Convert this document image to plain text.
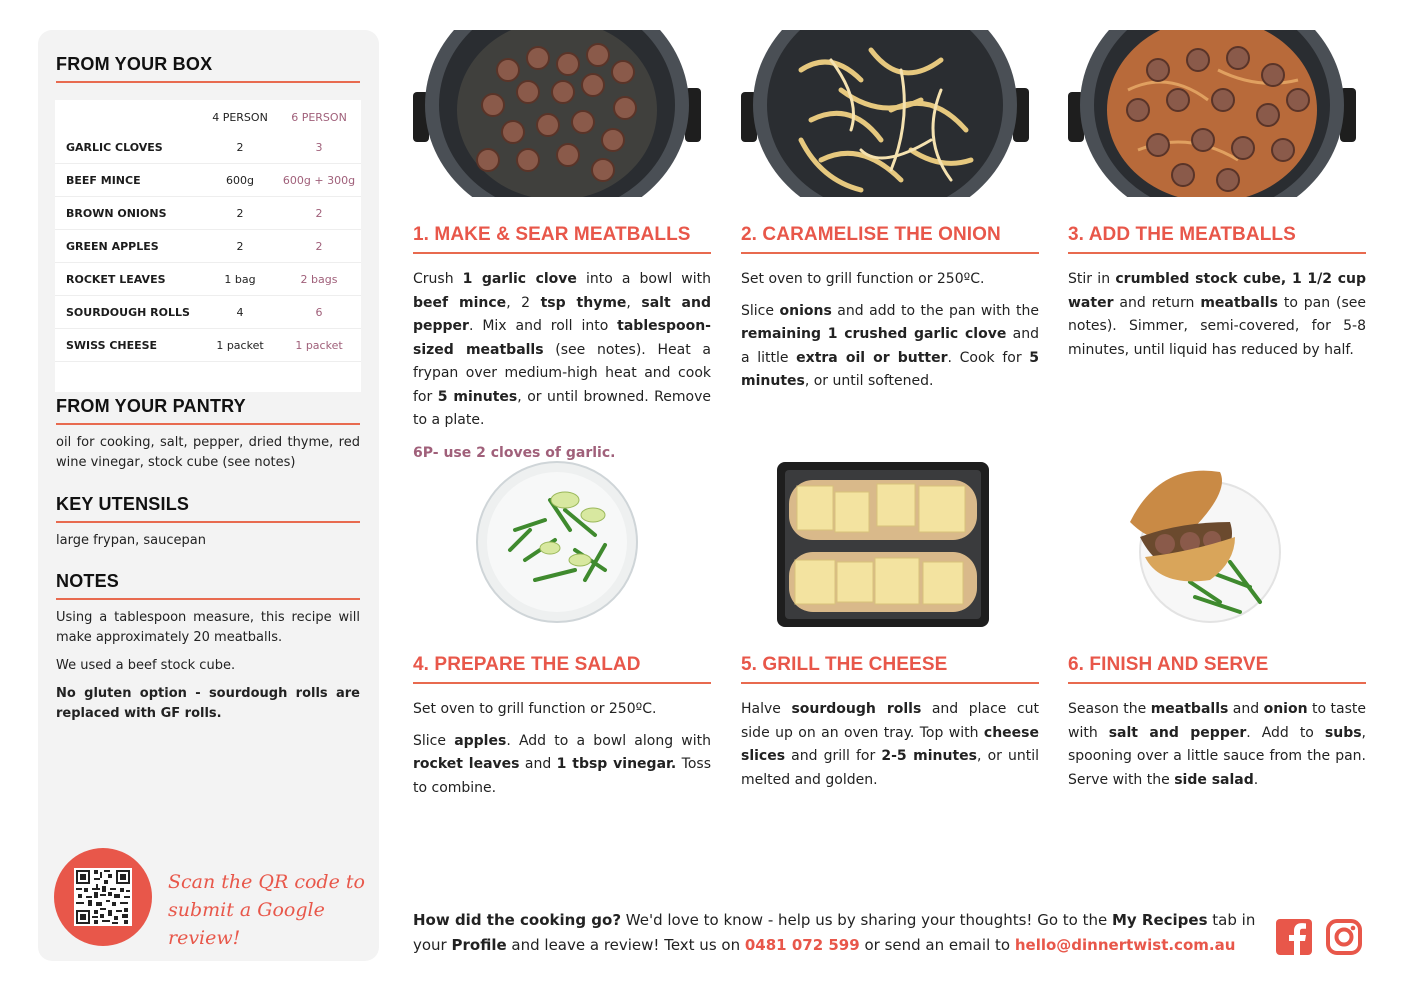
FROM YOUR BOX
	4 PERSON	6 PERSON
GARLIC CLOVES	2	3
BEEF MINCE	600g	600g + 300g
BROWN ONIONS	2	2
GREEN APPLES	2	2
ROCKET LEAVES	1 bag	2 bags
SOURDOUGH ROLLS	4	6
SWISS CHEESE	1 packet	1 packet

FROM YOUR PANTRY
oil for cooking, salt, pepper, dried thyme, red wine vinegar, stock cube (see notes)
KEY UTENSILS
large frypan, saucepan
NOTES

Using a tablespoon measure, this recipe will make approximately 20 meatballs.

We used a beef stock cube.

No gluten option - sourdough rolls are replaced with GF rolls.

Scan the QR code to
submit a Google review!
1. MAKE & SEAR MEATBALLS

Crush 1 garlic clove into a bowl with beef mince, 2 tsp thyme, salt and pepper. Mix and roll into tablespoon-sized meatballs (see notes). Heat a frypan over medium-high heat and cook for 5 minutes, or until browned. Remove to a plate.

6P- use 2 cloves of garlic.
2. CARAMELISE THE ONION

Set oven to grill function or 250ºC.

Slice onions and add to the pan with the remaining 1 crushed garlic clove and a little extra oil or butter. Cook for 5 minutes, or until softened.

3. ADD THE MEATBALLS

Stir in crumbled stock cube, 1 1/2 cup water and return meatballs to pan (see notes). Simmer, semi-covered, for 5-8 minutes, until liquid has reduced by half.

4. PREPARE THE SALAD

Set oven to grill function or 250ºC.

Slice apples. Add to a bowl along with rocket leaves and 1 tbsp vinegar. Toss to combine.

5. GRILL THE CHEESE

Halve sourdough rolls and place cut side up on an oven tray. Top with cheese slices and grill for 2-5 minutes, or until melted and golden.

6. FINISH AND SERVE

Season the meatballs and onion to taste with salt and pepper. Add to subs, spooning over a little sauce from the pan. Serve with the side salad.

How did the cooking go? We'd love to know - help us by sharing your thoughts! Go to the My Recipes tab in your Profile and leave a review! Text us on 0481 072 599 or send an email to hello@dinnertwist.com.au
